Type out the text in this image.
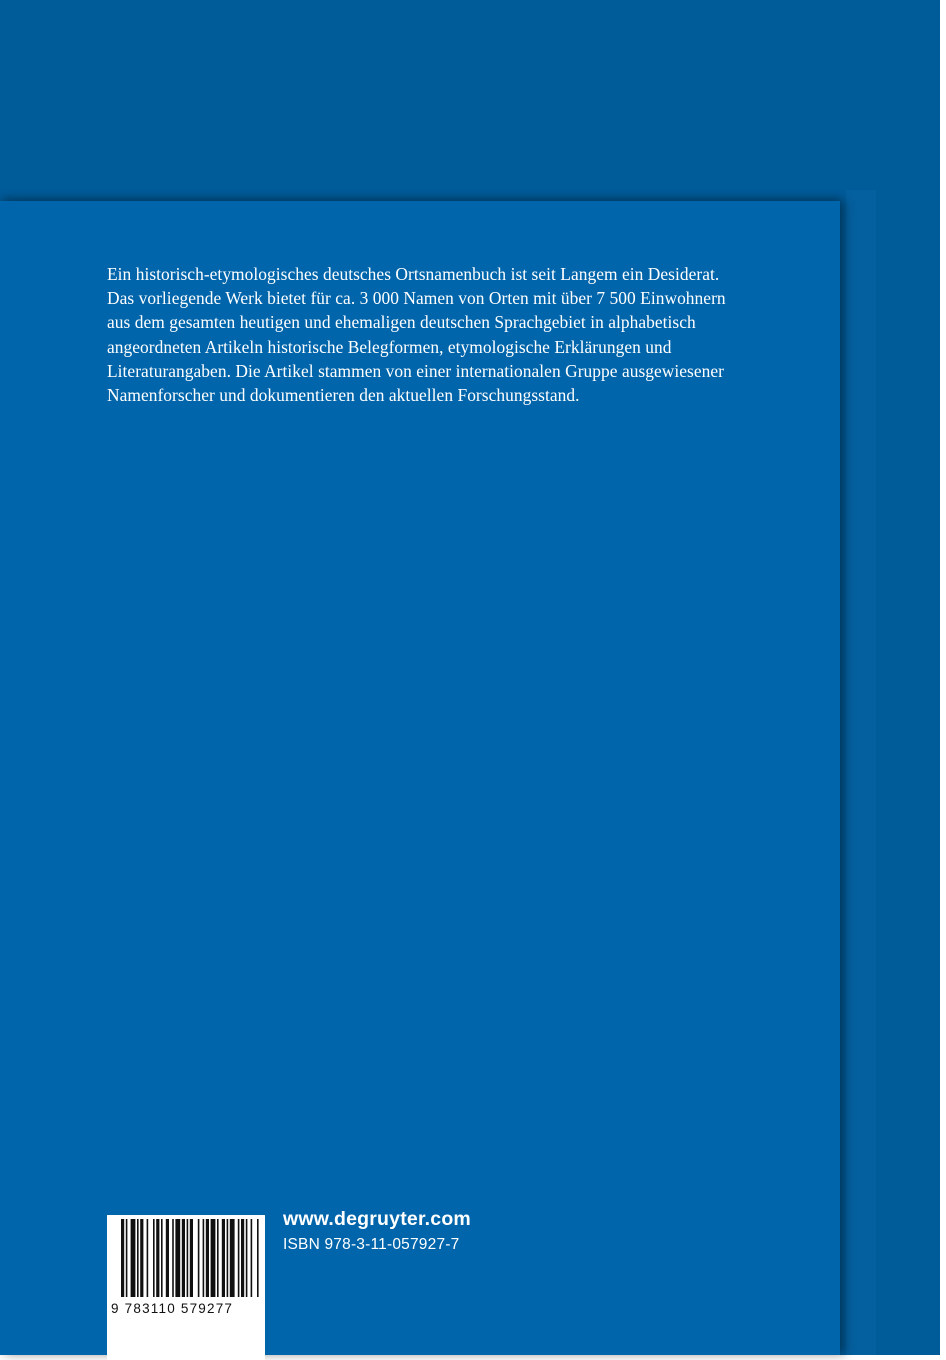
Ein historisch-etymologisches deutsches Ortsnamenbuch ist seit Langem ein Desiderat.
Das vorliegende Werk bietet für ca. 3 000 Namen von Orten mit über 7 500 Einwohnern
aus dem gesamten heutigen und ehemaligen deutschen Sprachgebiet in alphabetisch
angeordneten Artikeln historische Belegformen, etymologische Erklärungen und
Literaturangaben. Die Artikel stammen von einer internationalen Gruppe ausgewiesener
Namenforscher und dokumentieren den aktuellen Forschungsstand.

9 783110 579277
www.degruyter.com
ISBN 978-3-11-057927-7
